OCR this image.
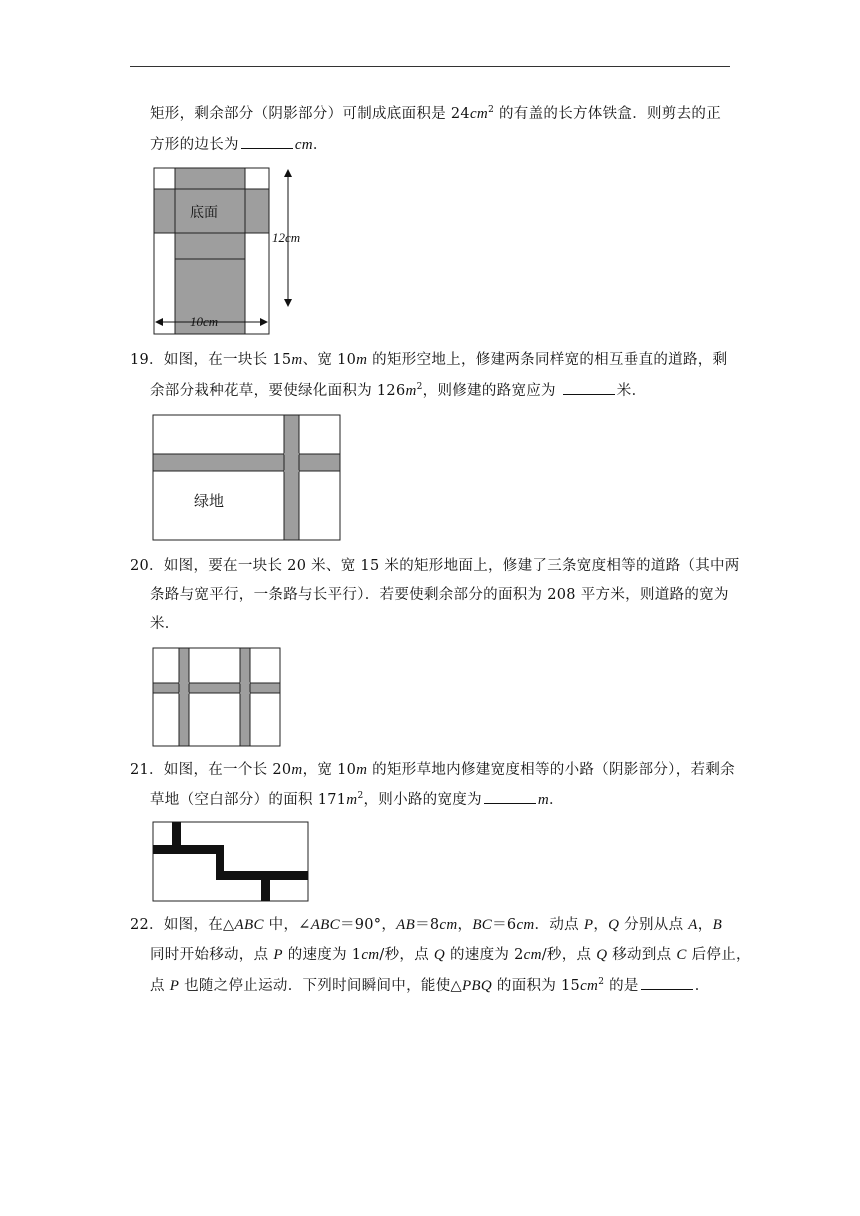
矩形，剩余部分（阴影部分）可制成底面积是 $24cm^2$ 的有盖的长方体铁盒．则剪去的正
方形的边长为	cm．
底面
12cm
10cm
19．如图，在一块长 15m、宽 10m 的矩形空地上，修建两条同样宽的相互垂直的道路，剩
余部分栽种花草，要使绿化面积为 $126m^2$，则修建的路宽应为	米．
绿地
20．如图，要在一块长 20 米、宽 15 米的矩形地面上，修建了三条宽度相等的道路（其中两
条路与宽平行，一条路与长平行）．若要使剩余部分的面积为 208 平方米，则道路的宽为
米．
21．如图，在一个长 20m，宽 10m 的矩形草地内修建宽度相等的小路（阴影部分），若剩余
草地（空白部分）的面积 $171m^2$，则小路的宽度为	m．
22．如图，在△ABC 中，∠ABC＝90°，AB＝8cm，BC＝6cm．动点 P，Q 分别从点 A，B
同时开始移动，点 P 的速度为 1cm/秒，点 Q 的速度为 2cm/秒，点 Q 移动到点 C 后停止，
点 P 也随之停止运动．下列时间瞬间中，能使△PBQ 的面积为 $15cm^2$ 的是	．
